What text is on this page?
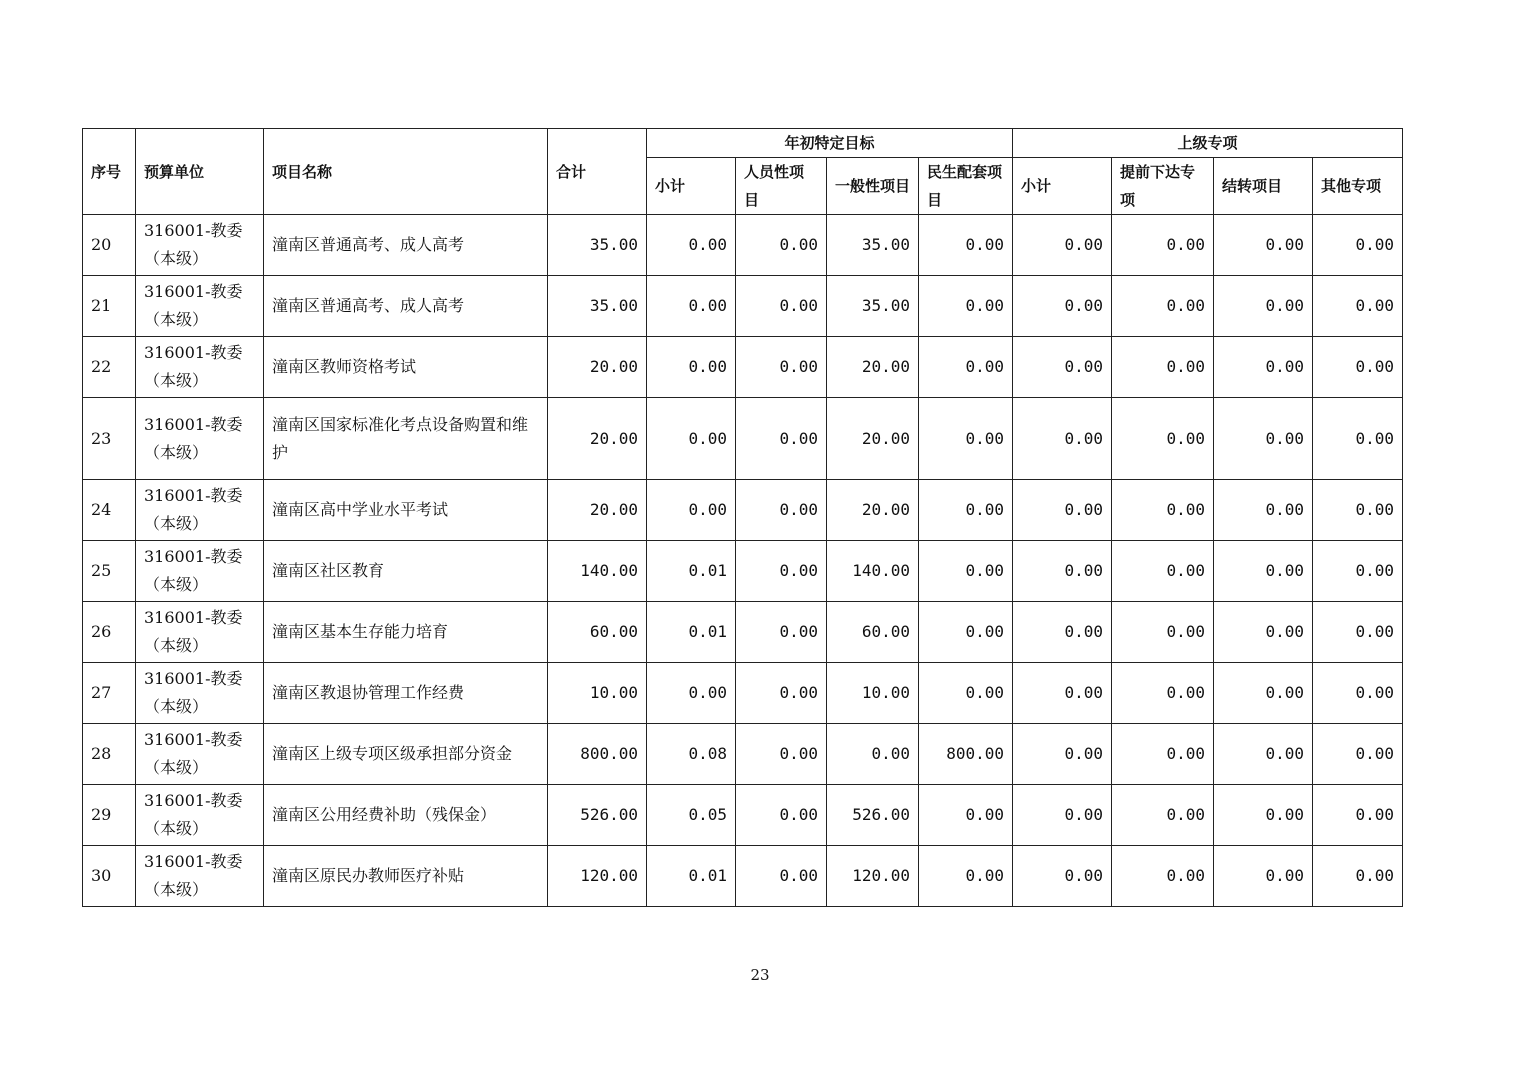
序号	预算单位	项目名称	合计	年初特定目标				上级专项			
				小计	人员性项目	一般性项目	民生配套项目	小计	提前下达专项	结转项目	其他专项
20	316001-教委（本级）	潼南区普通高考、成人高考	35.00	0.00	0.00	35.00	0.00	0.00	0.00	0.00	0.00
21	316001-教委（本级）	潼南区普通高考、成人高考	35.00	0.00	0.00	35.00	0.00	0.00	0.00	0.00	0.00
22	316001-教委（本级）	潼南区教师资格考试	20.00	0.00	0.00	20.00	0.00	0.00	0.00	0.00	0.00
23	316001-教委（本级）	潼南区国家标准化考点设备购置和维护	20.00	0.00	0.00	20.00	0.00	0.00	0.00	0.00	0.00
24	316001-教委（本级）	潼南区高中学业水平考试	20.00	0.00	0.00	20.00	0.00	0.00	0.00	0.00	0.00
25	316001-教委（本级）	潼南区社区教育	140.00	0.01	0.00	140.00	0.00	0.00	0.00	0.00	0.00
26	316001-教委（本级）	潼南区基本生存能力培育	60.00	0.01	0.00	60.00	0.00	0.00	0.00	0.00	0.00
27	316001-教委（本级）	潼南区教退协管理工作经费	10.00	0.00	0.00	10.00	0.00	0.00	0.00	0.00	0.00
28	316001-教委（本级）	潼南区上级专项区级承担部分资金	800.00	0.08	0.00	0.00	800.00	0.00	0.00	0.00	0.00
29	316001-教委（本级）	潼南区公用经费补助（残保金）	526.00	0.05	0.00	526.00	0.00	0.00	0.00	0.00	0.00
30	316001-教委（本级）	潼南区原民办教师医疗补贴	120.00	0.01	0.00	120.00	0.00	0.00	0.00	0.00	0.00
23
